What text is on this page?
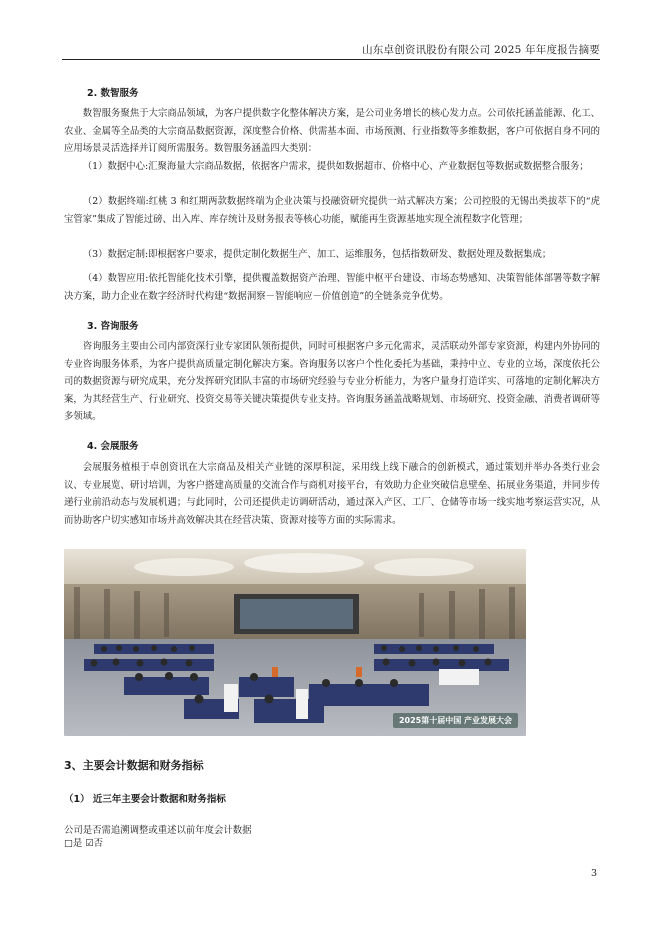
山东卓创资讯股份有限公司 2025 年年度报告摘要
2. 数智服务

数智服务聚焦于大宗商品领域，为客户提供数字化整体解决方案，是公司业务增长的核心发力点。公司依托涵盖能源、化工、农业、金属等全品类的大宗商品数据资源，深度整合价格、供需基本面、市场预测、行业指数等多维数据，客户可依据自身不同的应用场景灵活选择并订阅所需服务。数智服务涵盖四大类别：

（1）数据中心:汇聚海量大宗商品数据，依据客户需求，提供如数据超市、价格中心、产业数据包等数据或数据整合服务；

（2）数据终端:红桃 3 和红期两款数据终端为企业决策与投融资研究提供一站式解决方案；公司控股的无锡出类拔萃下的“虎宝管家”集成了智能过磅、出入库、库存统计及财务报表等核心功能，赋能再生资源基地实现全流程数字化管理；

（3）数据定制:即根据客户要求，提供定制化数据生产、加工、运维服务，包括指数研发、数据处理及数据集成；

（4）数智应用:依托智能化技术引擎，提供覆盖数据资产治理、智能中枢平台建设、市场态势感知、决策智能体部署等数字解决方案，助力企业在数字经济时代构建“数据洞察－智能响应－价值创造”的全链条竞争优势。

3. 咨询服务

咨询服务主要由公司内部资深行业专家团队领衔提供，同时可根据客户多元化需求，灵活联动外部专家资源，构建内外协同的专业咨询服务体系，为客户提供高质量定制化解决方案。咨询服务以客户个性化委托为基础，秉持中立、专业的立场，深度依托公司的数据资源与研究成果，充分发挥研究团队丰富的市场研究经验与专业分析能力，为客户量身打造详实、可落地的定制化解决方案，为其经营生产、行业研究、投资交易等关键决策提供专业支持。咨询服务涵盖战略规划、市场研究、投资金融、消费者调研等多领域。

4. 会展服务

会展服务植根于卓创资讯在大宗商品及相关产业链的深厚积淀，采用线上线下融合的创新模式，通过策划并举办各类行业会议、专业展览、研讨培训，为客户搭建高质量的交流合作与商机对接平台，有效助力企业突破信息壁垒、拓展业务渠道，并同步传递行业前沿动态与发展机遇；与此同时，公司还提供走访调研活动，通过深入产区、工厂、仓储等市场一线实地考察运营实况，从而协助客户切实感知市场并高效解决其在经营决策、资源对接等方面的实际需求。

2025第十届中国 产业发展大会
3、主要会计数据和财务指标
（1） 近三年主要会计数据和财务指标
公司是否需追溯调整或重述以前年度会计数据
□是 ☑否
3
